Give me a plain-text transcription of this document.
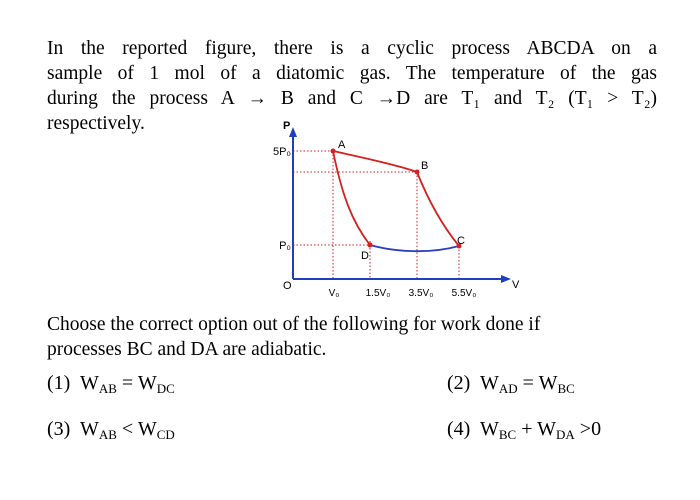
In the reported figure, there is a cyclic process ABCDA on a
sample of 1 mol of a diatomic gas. The temperature of the gas
during the process A → B and C →D are T₁ and T₂ (T₁ > T₂)
respectively.	P
V
O
5P₀
P₀
V₀	1.5V₀ 3.5V₀ 5.5V₀
A
B
C
D
Choose the correct option out of the following for work done if
processes BC and DA are adiabatic.
(1) $W_{AB} = W_{DC}$	(2) $W_{AD} = W_{BC}$
(3) $W_{AB} < W_{CD}$	(4) $W_{BC} + W_{DA} >0$
